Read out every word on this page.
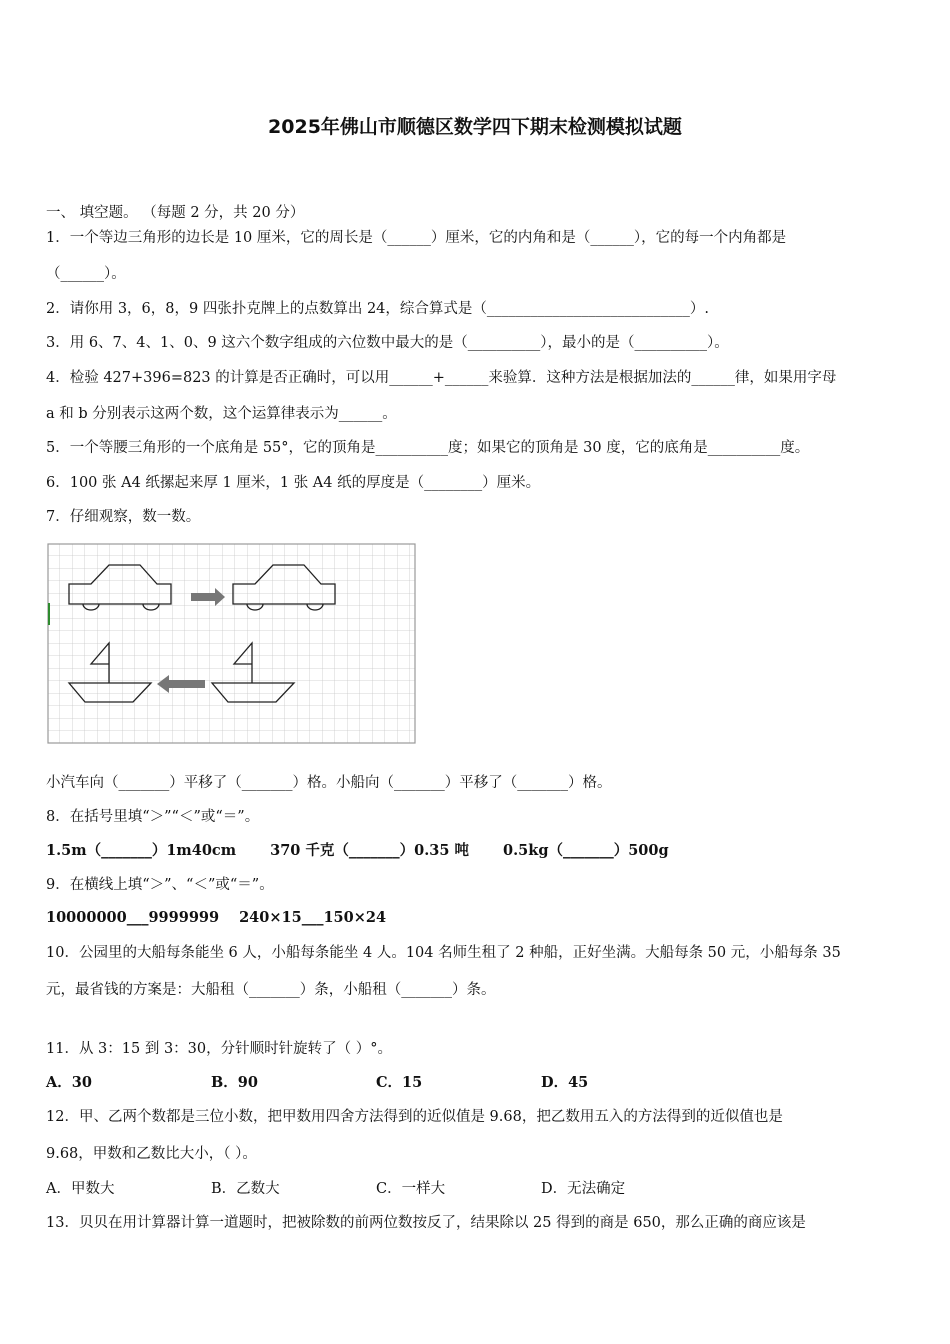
2025年佛山市顺德区数学四下期末检测模拟试题
一、 填空题。 （每题 2 分，共 20 分）
1．一个等边三角形的边长是 10 厘米，它的周长是（______）厘米，它的内角和是（______），它的每一个内角都是
（______）。
2．请你用 3，6，8，9 四张扑克牌上的点数算出 24，综合算式是（____________________________）.
3．用 6、7、4、1、0、9 这六个数字组成的六位数中最大的是（__________），最小的是（__________）。
4．检验 427+396=823 的计算是否正确时，可以用______+______来验算．这种方法是根据加法的______律，如果用字母
a 和 b 分别表示这两个数，这个运算律表示为______。
5．一个等腰三角形的一个底角是 55°，它的顶角是__________度；如果它的顶角是 30 度，它的底角是__________度。
6．100 张 A4 纸摞起来厚 1 厘米，1 张 A4 纸的厚度是（________）厘米。
7．仔细观察，数一数。
小汽车向（_______）平移了（_______）格。小船向（_______）平移了（_______）格。
8．在括号里填“＞”“＜”或“＝”。
1.5m（_______）1m40cm 370 千克（_______）0.35 吨 0.5kg（_______）500g
9．在横线上填“＞”、“＜”或“＝”。
10000000___9999999 240×15___150×24
10．公园里的大船每条能坐 6 人，小船每条能坐 4 人。104 名师生租了 2 种船，正好坐满。大船每条 50 元，小船每条 35
元，最省钱的方案是：大船租（_______）条，小船租（_______）条。
11．从 3：15 到 3：30，分针顺时针旋转了（ ）°。
A．30	B．90	C．15	D．45
12．甲、乙两个数都是三位小数，把甲数用四舍方法得到的近似值是 9.68，把乙数用五入的方法得到的近似值也是
9.68，甲数和乙数比大小，（ ）。
A．甲数大	B．乙数大	C．一样大	D．无法确定
13．贝贝在用计算器计算一道题时，把被除数的前两位数按反了，结果除以 25 得到的商是 650，那么正确的商应该是
